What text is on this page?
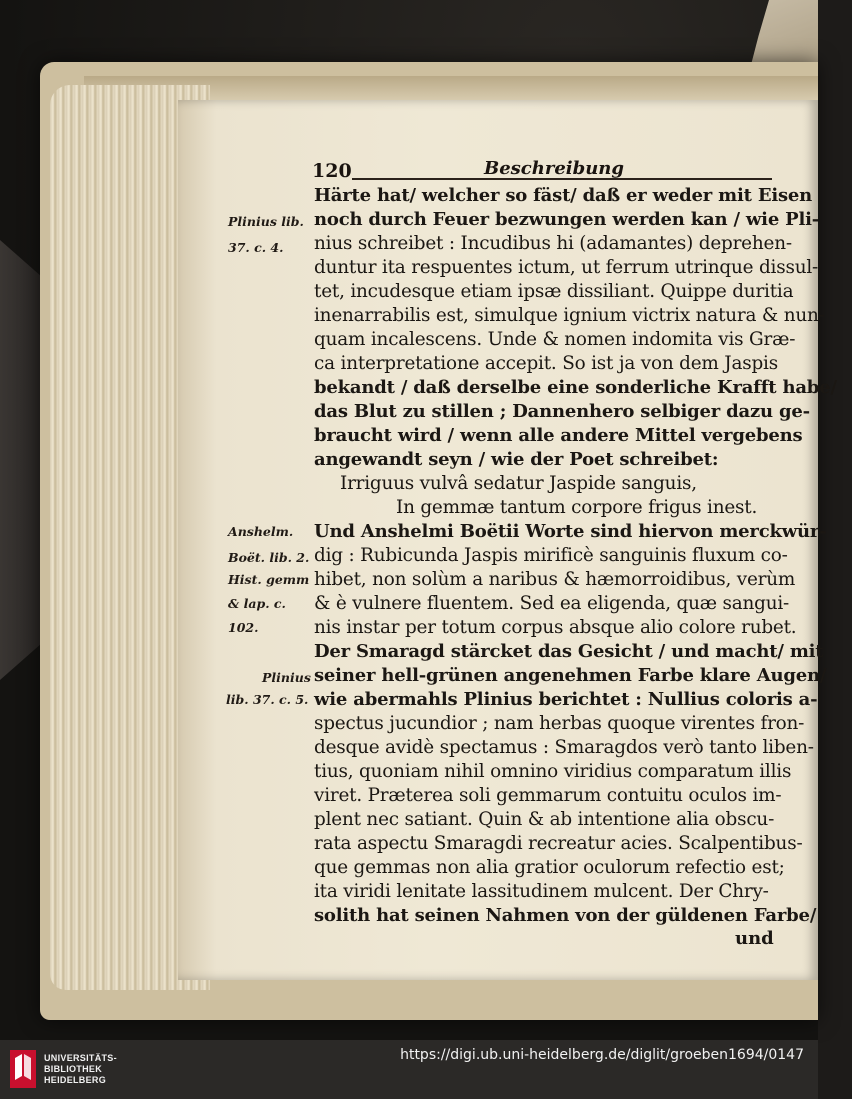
120	Beschreibung
Härte hat/ welcher so fäst/ daß er weder mit Eisen
noch durch Feuer bezwungen werden kan / wie Pli-
nius schreibet : Incudibus hi (adamantes) deprehen-
duntur ita respuentes ictum, ut ferrum utrinque dissul-
tet, incudesque etiam ipsæ dissiliant. Quippe duritia
inenarrabilis est, simulque ignium victrix natura & nun-
quam incalescens. Unde & nomen indomita vis Græ-
ca interpretatione accepit. So ist ja von dem Jaspis
bekandt / daß derselbe eine sonderliche Krafft habe/
das Blut zu stillen ; Dannenhero selbiger dazu ge-
braucht wird / wenn alle andere Mittel vergebens
angewandt seyn / wie der Poet schreibet:
Irriguus vulvâ sedatur Jaspide sanguis,
In gemmæ tantum corpore frigus inest.
Und Anshelmi Boëtii Worte sind hiervon merckwür-
dig : Rubicunda Jaspis mirificè sanguinis fluxum co-
hibet, non solùm a naribus & hæmorroidibus, verùm
& è vulnere fluentem. Sed ea eligenda, quæ sangui-
nis instar per totum corpus absque alio colore rubet.
Der Smaragd stärcket das Gesicht / und macht/ mit
seiner hell-grünen angenehmen Farbe klare Augen/
wie abermahls Plinius berichtet : Nullius coloris a-
spectus jucundior ; nam herbas quoque virentes fron-
desque avidè spectamus : Smaragdos verò tanto liben-
tius, quoniam nihil omnino viridius comparatum illis
viret. Præterea soli gemmarum contuitu oculos im-
plent nec satiant. Quin & ab intentione alia obscu-
rata aspectu Smaragdi recreatur acies. Scalpentibus-
que gemmas non alia gratior oculorum refectio est;
ita viridi lenitate lassitudinem mulcent. Der Chry-
solith hat seinen Nahmen von der güldenen Farbe/
und
Plinius lib.
37. c. 4.
Anshelm.
Boët. lib. 2.
Hist. gemm
& lap. c.
102.
Plinius
lib. 37. c. 5.
UNIVERSITÄTS-
BIBLIOTHEK
HEIDELBERG
https://digi.ub.uni-heidelberg.de/diglit/groeben1694/0147
